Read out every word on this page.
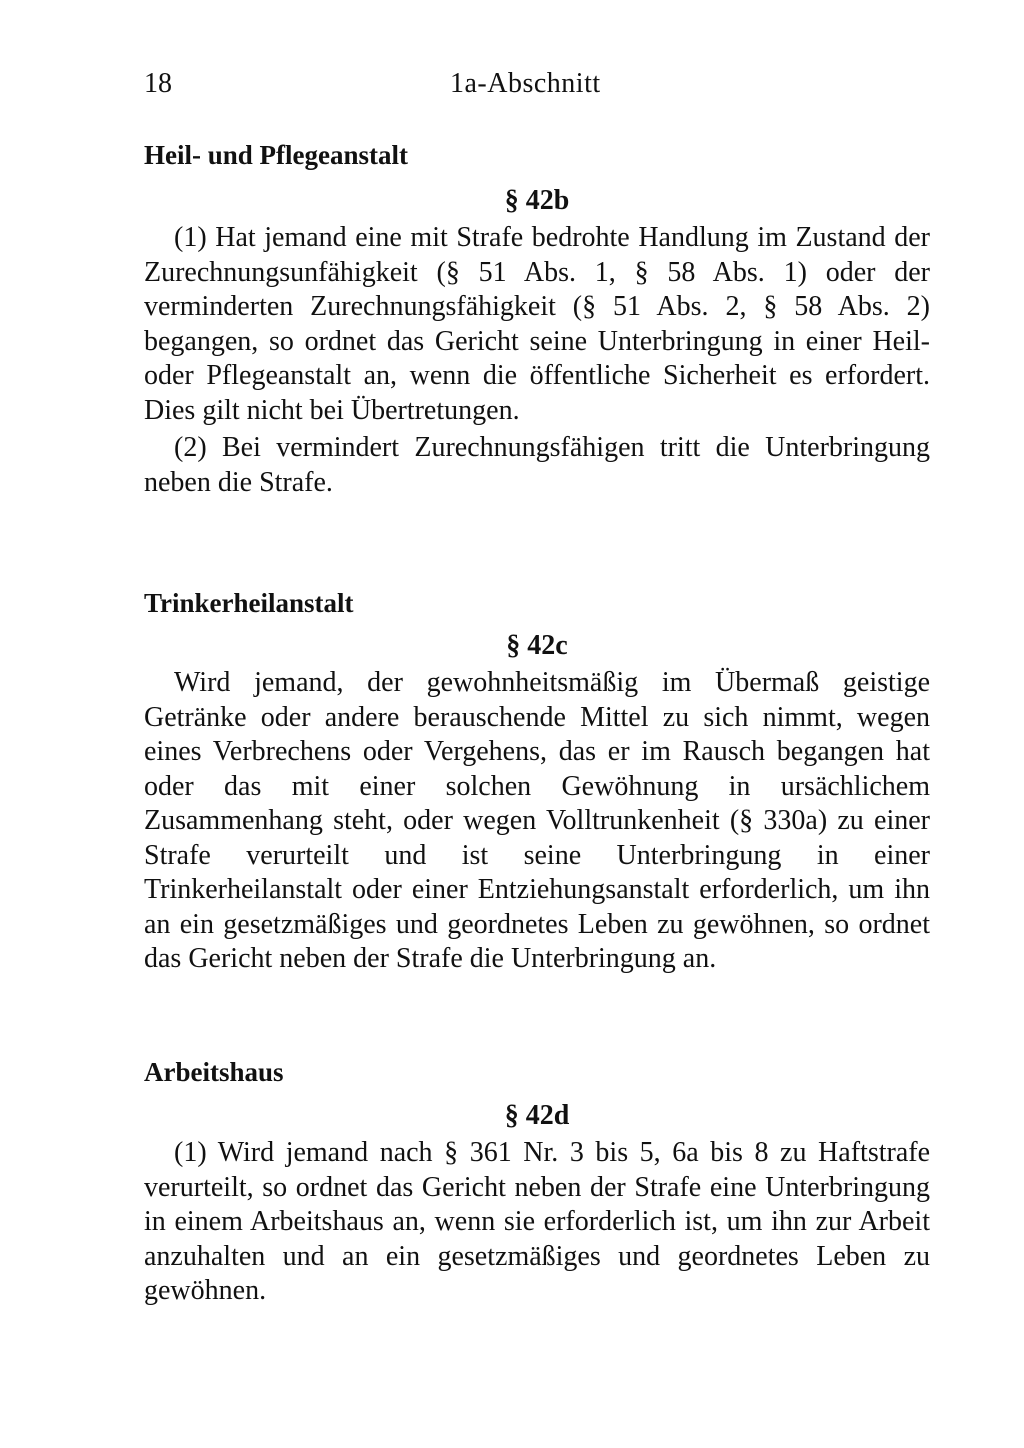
18	1a-Abschnitt
Heil- und Pflegeanstalt
§ 42b

(1) Hat jemand eine mit Strafe bedrohte Handlung im Zustand der Zurechnungsunfähigkeit (§ 51 Abs. 1, § 58 Abs. 1) oder der verminderten Zurechnungsfähigkeit (§ 51 Abs. 2, § 58 Abs. 2) begangen, so ordnet das Gericht seine Unterbringung in einer Heil- oder Pflegeanstalt an, wenn die öffentliche Sicherheit es erfordert. Dies gilt nicht bei Übertretungen.

(2) Bei vermindert Zurechnungsfähigen tritt die Unterbringung neben die Strafe.

Trinkerheilanstalt
§ 42c

Wird jemand, der gewohnheitsmäßig im Übermaß geistige Getränke oder andere berauschende Mittel zu sich nimmt, wegen eines Verbrechens oder Vergehens, das er im Rausch begangen hat oder das mit einer solchen Gewöhnung in ursächlichem Zusammenhang steht, oder wegen Volltrunkenheit (§ 330a) zu einer Strafe verurteilt und ist seine Unterbringung in einer Trinkerheilanstalt oder einer Entziehungsanstalt erforderlich, um ihn an ein gesetzmäßiges und geordnetes Leben zu gewöhnen, so ordnet das Gericht neben der Strafe die Unterbringung an.

Arbeitshaus
§ 42d

(1) Wird jemand nach § 361 Nr. 3 bis 5, 6a bis 8 zu Haftstrafe verurteilt, so ordnet das Gericht neben der Strafe eine Unterbringung in einem Arbeitshaus an, wenn sie erforderlich ist, um ihn zur Arbeit anzuhalten und an ein gesetzmäßiges und geordnetes Leben zu gewöhnen.
